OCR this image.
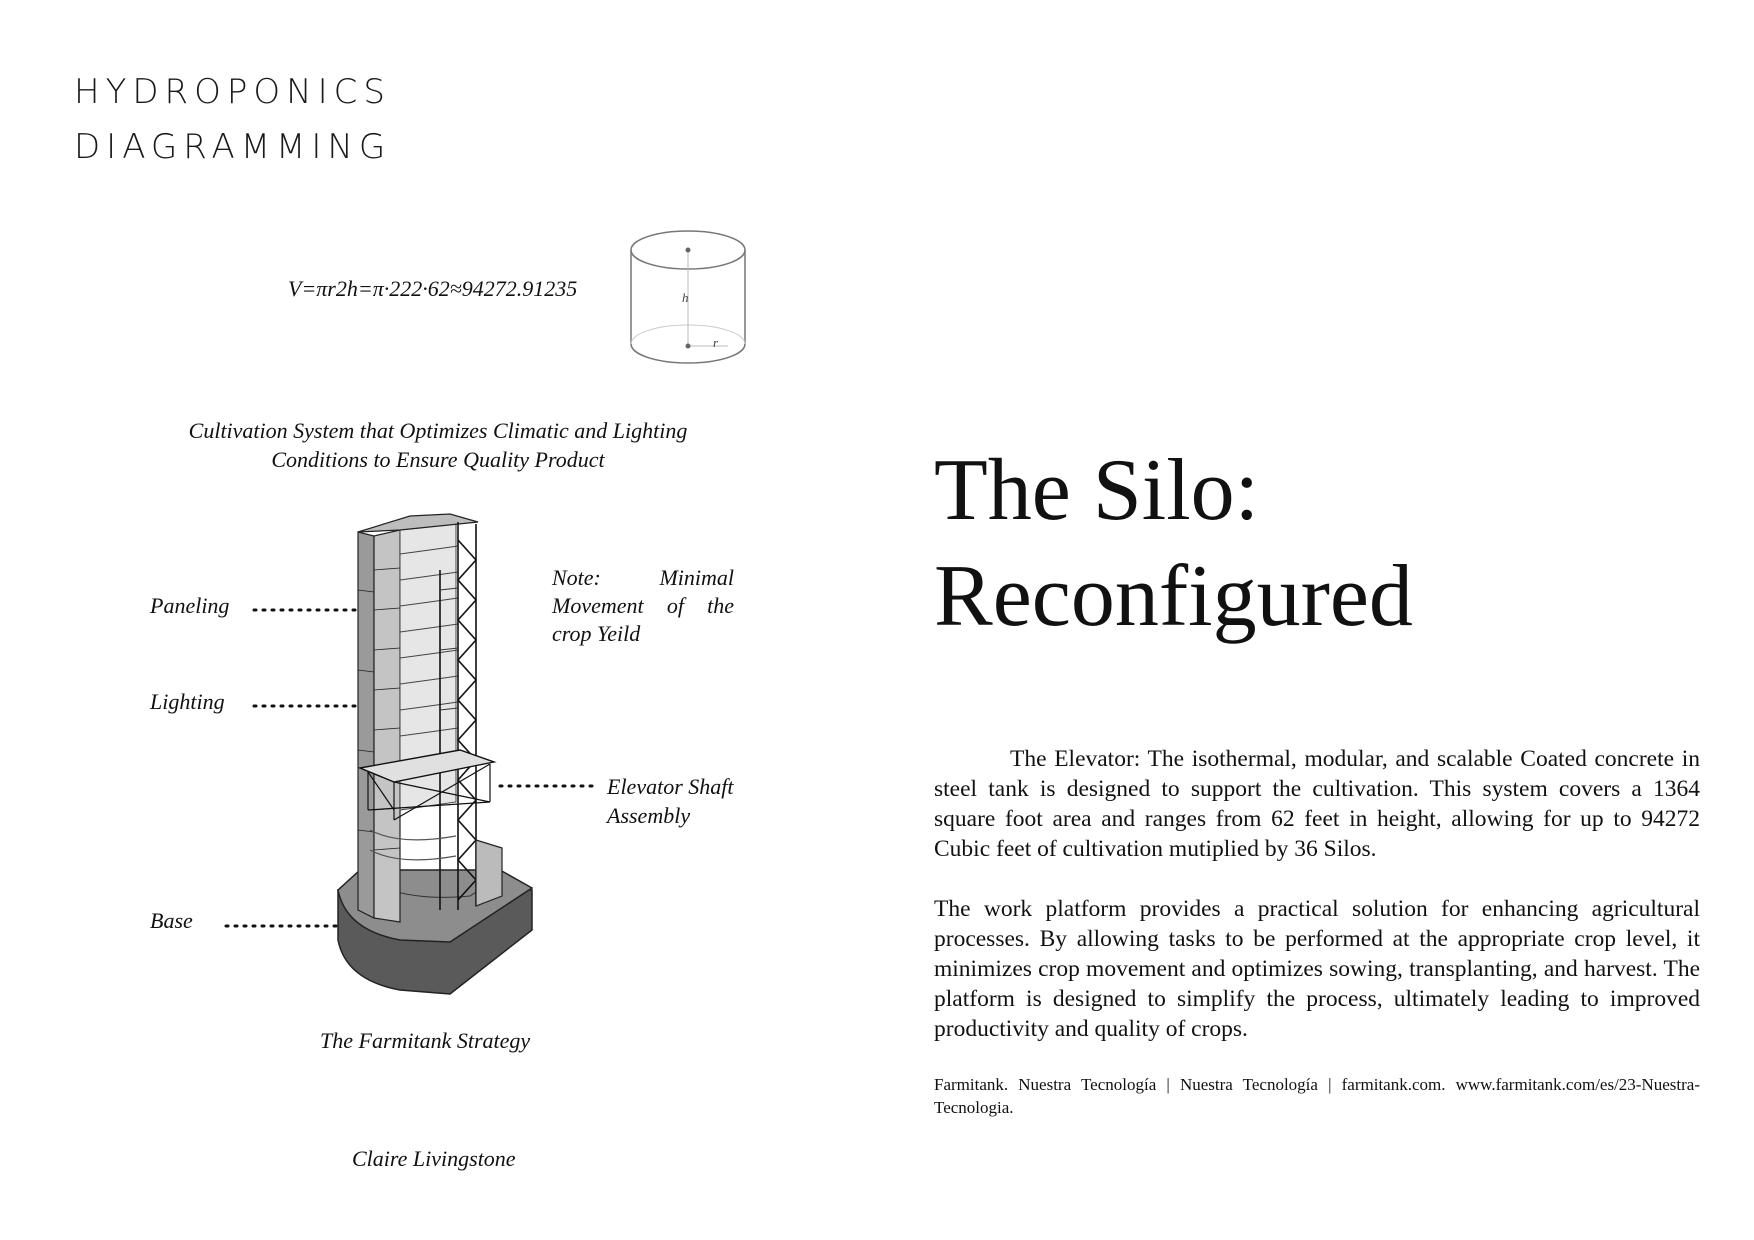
HYDROPONICS
DIAGRAMMING
V=πr2h=π·222·62≈94272.91235	h
r
Cultivation System that Optimizes Climatic and Lighting Conditions to Ensure Quality Product
Paneling
Lighting
Base
Elevator Shaft Assembly
Note: Minimal Movement of the crop Yeild
The Farmitank Strategy
Claire Livingstone
The Silo:
Reconfigured

The Elevator: The isothermal, modular, and scalable Coated concrete in steel tank is designed to support the cultivation. This system covers a 1364 square foot area and ranges from 62 feet in height, allowing for up to 94272 Cubic feet of cultivation mutiplied by 36 Silos.

The work platform provides a practical solution for enhancing agricultural processes. By allowing tasks to be performed at the appropriate crop level, it minimizes crop movement and optimizes sowing, transplanting, and harvest. The platform is designed to simplify the process, ultimately leading to improved productivity and quality of crops.

Farmitank. Nuestra Tecnología | Nuestra Tecnología | farmitank.com. www.farmitank.com/es/23-Nuestra-Tecnologia.
